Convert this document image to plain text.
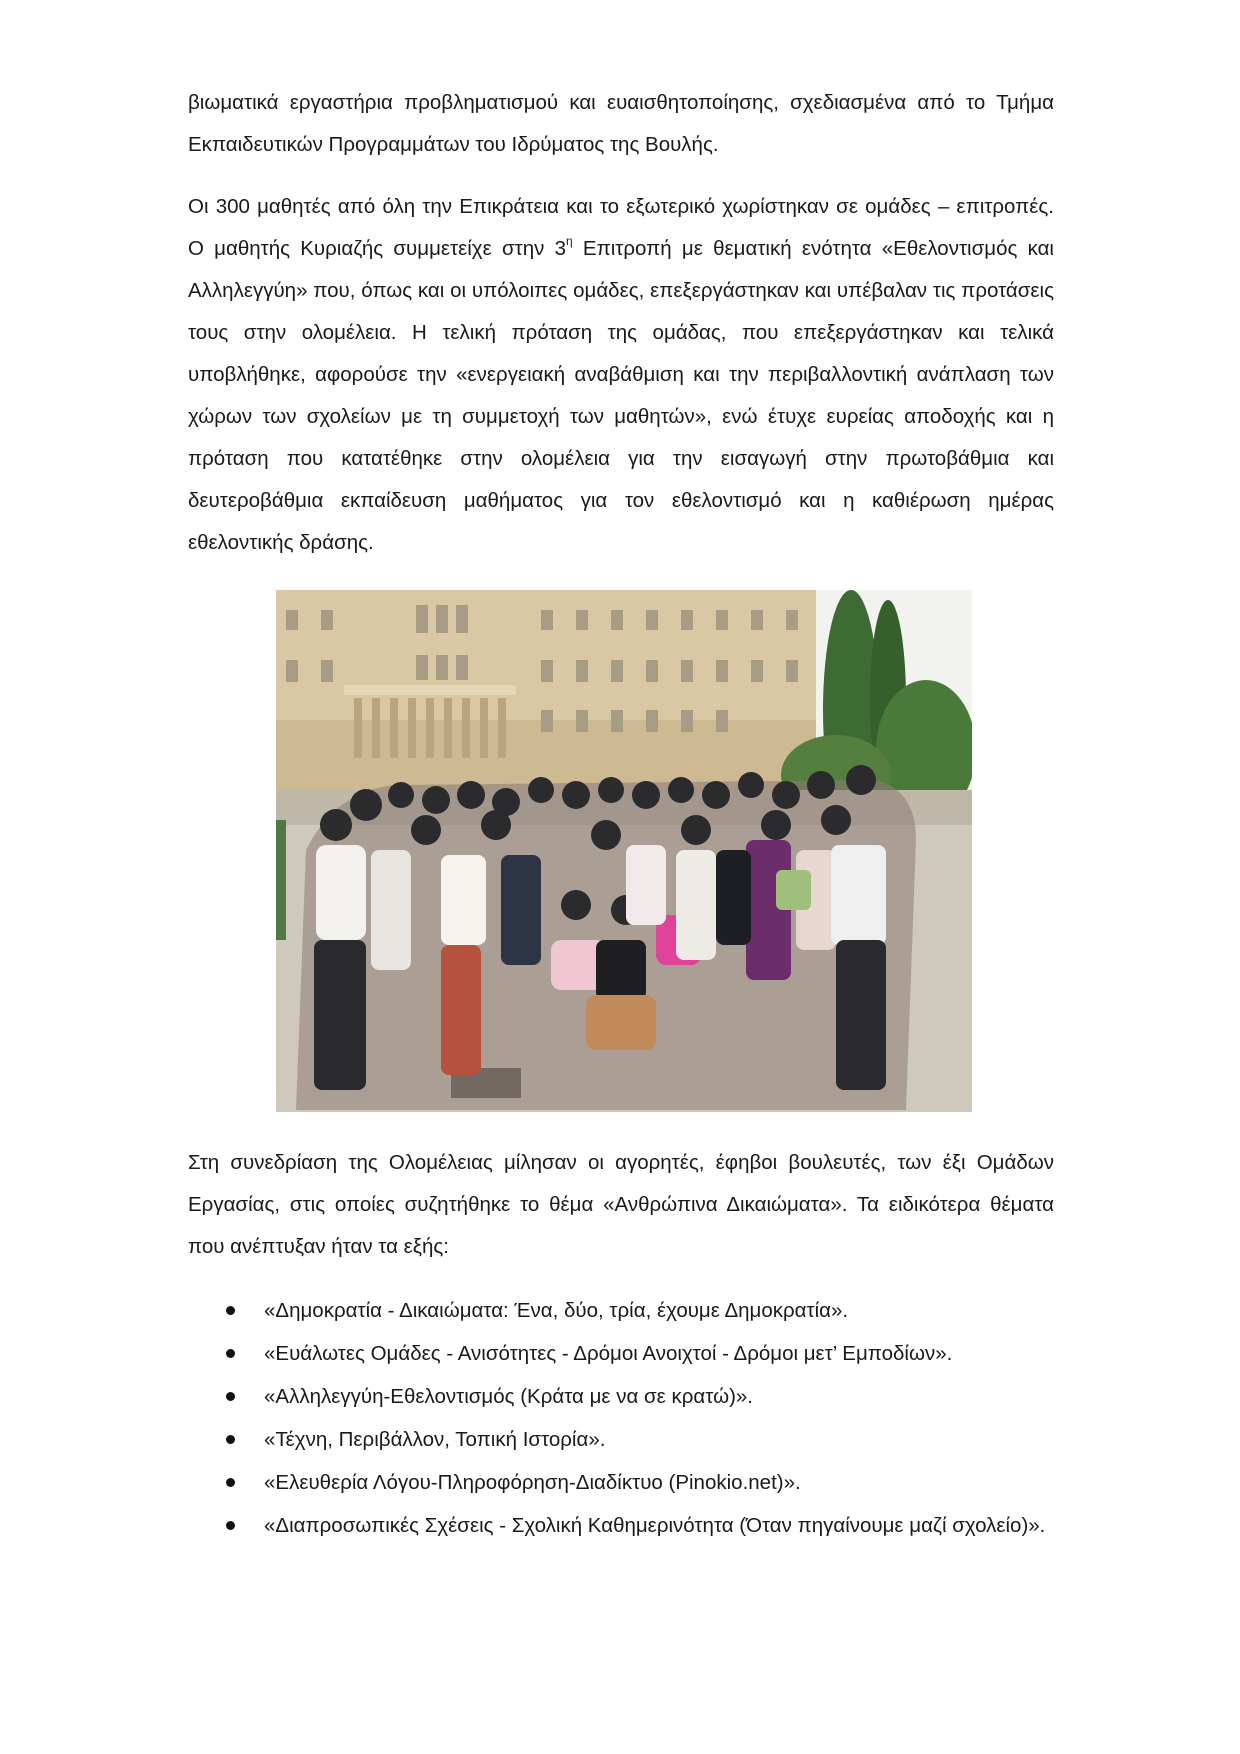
βιωματικά εργαστήρια προβληματισμού και ευαισθητοποίησης, σχεδιασμένα από το Τμήμα Εκπαιδευτικών Προγραμμάτων του Ιδρύματος της Βουλής.

Οι 300 μαθητές από όλη την Επικράτεια και το εξωτερικό χωρίστηκαν σε ομάδες – επιτροπές. Ο μαθητής Κυριαζής συμμετείχε στην $3^\eta$ Επιτροπή με θεματική ενότητα «Εθελοντισμός και Αλληλεγγύη» που, όπως και οι υπόλοιπες ομάδες, επεξεργάστηκαν και υπέβαλαν τις προτάσεις τους στην ολομέλεια. Η τελική πρόταση της ομάδας, που επεξεργάστηκαν και τελικά υποβλήθηκε, αφορούσε την «ενεργειακή αναβάθμιση και την περιβαλλοντική ανάπλαση των χώρων των σχολείων με τη συμμετοχή των μαθητών», ενώ έτυχε ευρείας αποδοχής και η πρόταση που κατατέθηκε στην ολομέλεια για την εισαγωγή στην πρωτοβάθμια και δευτεροβάθμια εκπαίδευση μαθήματος για τον εθελοντισμό και η καθιέρωση ημέρας εθελοντικής δράσης.

Στη συνεδρίαση της Ολομέλειας μίλησαν οι αγορητές, έφηβοι βουλευτές, των έξι Ομάδων Εργασίας, στις οποίες συζητήθηκε το θέμα «Ανθρώπινα Δικαιώματα». Τα ειδικότερα θέματα που ανέπτυξαν ήταν τα εξής:

«Δημοκρατία - Δικαιώματα: Ένα, δύο, τρία, έχουμε Δημοκρατία».
«Ευάλωτες Ομάδες - Ανισότητες - Δρόμοι Ανοιχτοί - Δρόμοι μετ’ Εμποδίων».
«Αλληλεγγύη-Εθελοντισμός (Κράτα με να σε κρατώ)».
«Τέχνη, Περιβάλλον, Τοπική Ιστορία».
«Ελευθερία Λόγου-Πληροφόρηση-Διαδίκτυο (Pinokio.net)».
«Διαπροσωπικές Σχέσεις - Σχολική Καθημερινότητα (Όταν πηγαίνουμε μαζί σχολείο)».
